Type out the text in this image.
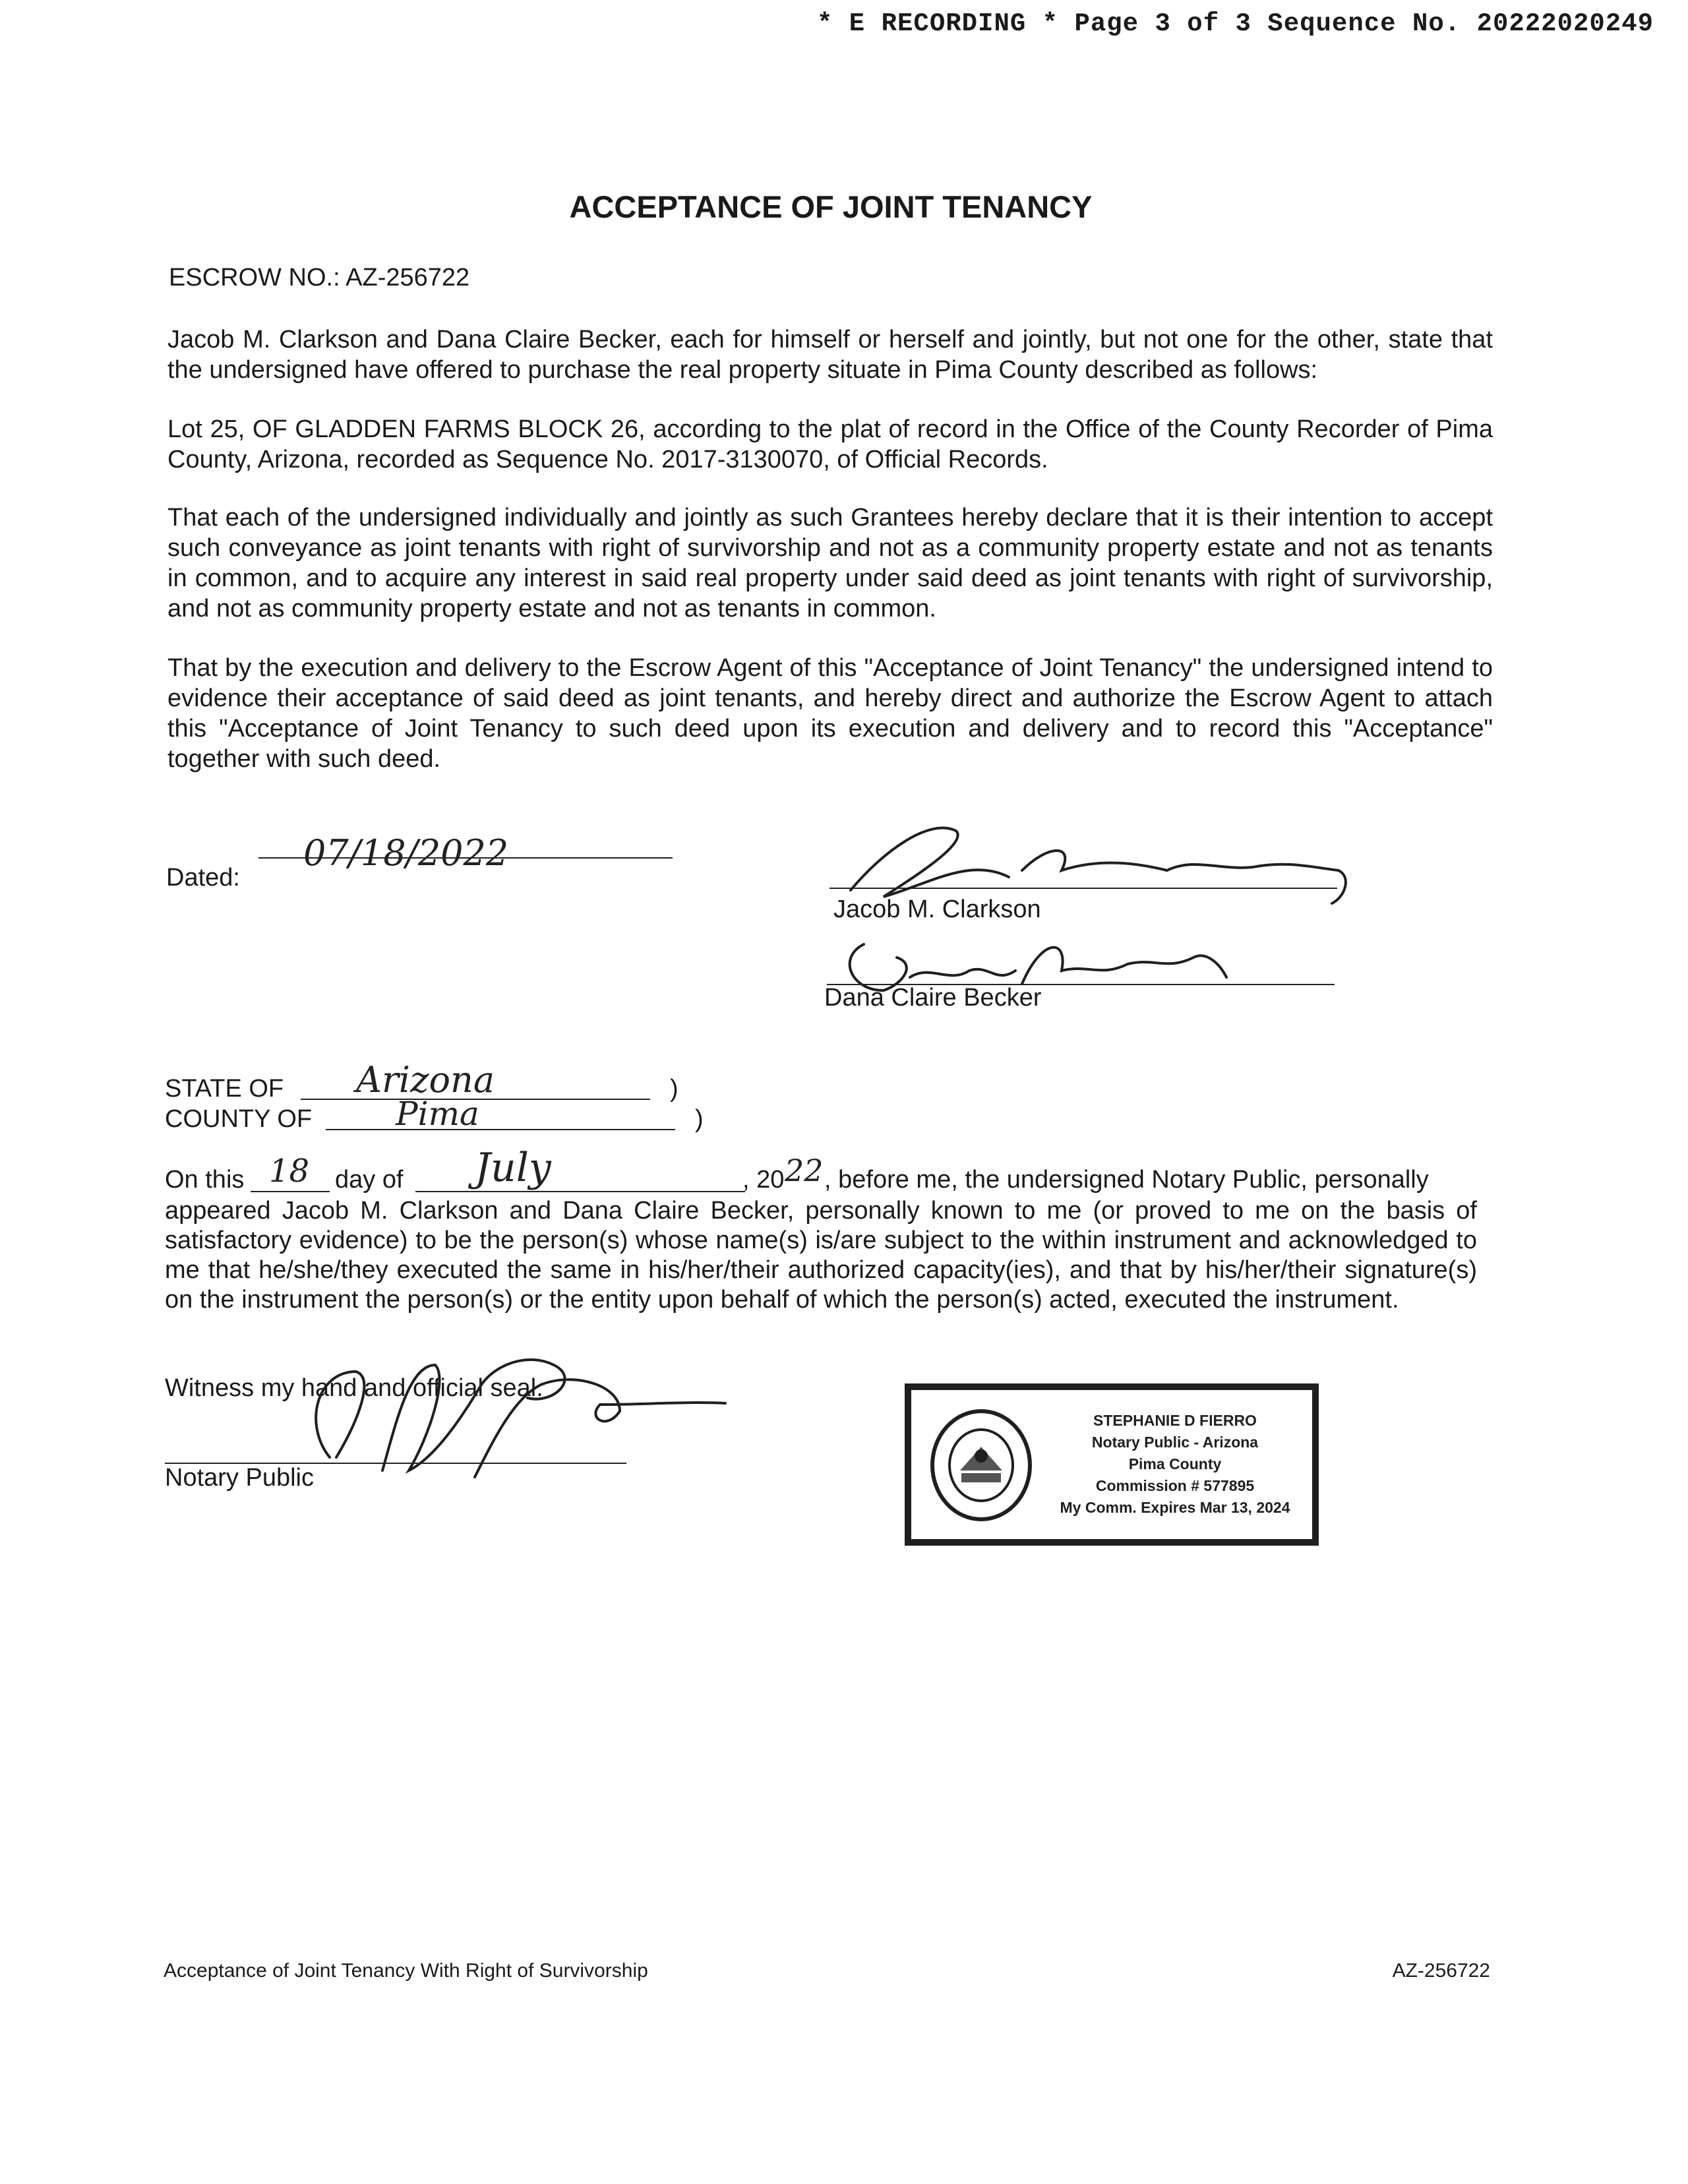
* E RECORDING * Page 3 of 3 Sequence No. 20222020249
ACCEPTANCE OF JOINT TENANCY
ESCROW NO.: AZ-256722
Jacob M. Clarkson and Dana Claire Becker, each for himself or herself and jointly, but not one for the other, state that the undersigned have offered to purchase the real property situate in Pima County described as follows:
Lot 25, OF GLADDEN FARMS BLOCK 26, according to the plat of record in the Office of the County Recorder of Pima County, Arizona, recorded as Sequence No. 2017-3130070, of Official Records.
That each of the undersigned individually and jointly as such Grantees hereby declare that it is their intention to accept such conveyance as joint tenants with right of survivorship and not as a community property estate and not as tenants in common, and to acquire any interest in said real property under said deed as joint tenants with right of survivorship, and not as community property estate and not as tenants in common.
That by the execution and delivery to the Escrow Agent of this "Acceptance of Joint Tenancy" the undersigned intend to evidence their acceptance of said deed as joint tenants, and hereby direct and authorize the Escrow Agent to attach this "Acceptance of Joint Tenancy to such deed upon its execution and delivery and to record this "Acceptance" together with such deed.
Dated:
07/18/2022
Jacob M. Clarkson
Dana Claire Becker
STATE OF Arizona	)
COUNTY OF	Pima	)
On this 18 day of July	, 20 22 , before me, the undersigned Notary Public, personally
appeared Jacob M. Clarkson and Dana Claire Becker, personally known to me (or proved to me on the basis of satisfactory evidence) to be the person(s) whose name(s) is/are subject to the within instrument and acknowledged to me that he/she/they executed the same in his/her/their authorized capacity(ies), and that by his/her/their signature(s) on the instrument the person(s) or the entity upon behalf of which the person(s) acted, executed the instrument.
Witness my hand and official seal.
Notary Public
STEPHANIE D FIERRO
Notary Public - Arizona
Pima County
Commission # 577895
My Comm. Expires Mar 13, 2024
Acceptance of Joint Tenancy With Right of Survivorship	AZ-256722
